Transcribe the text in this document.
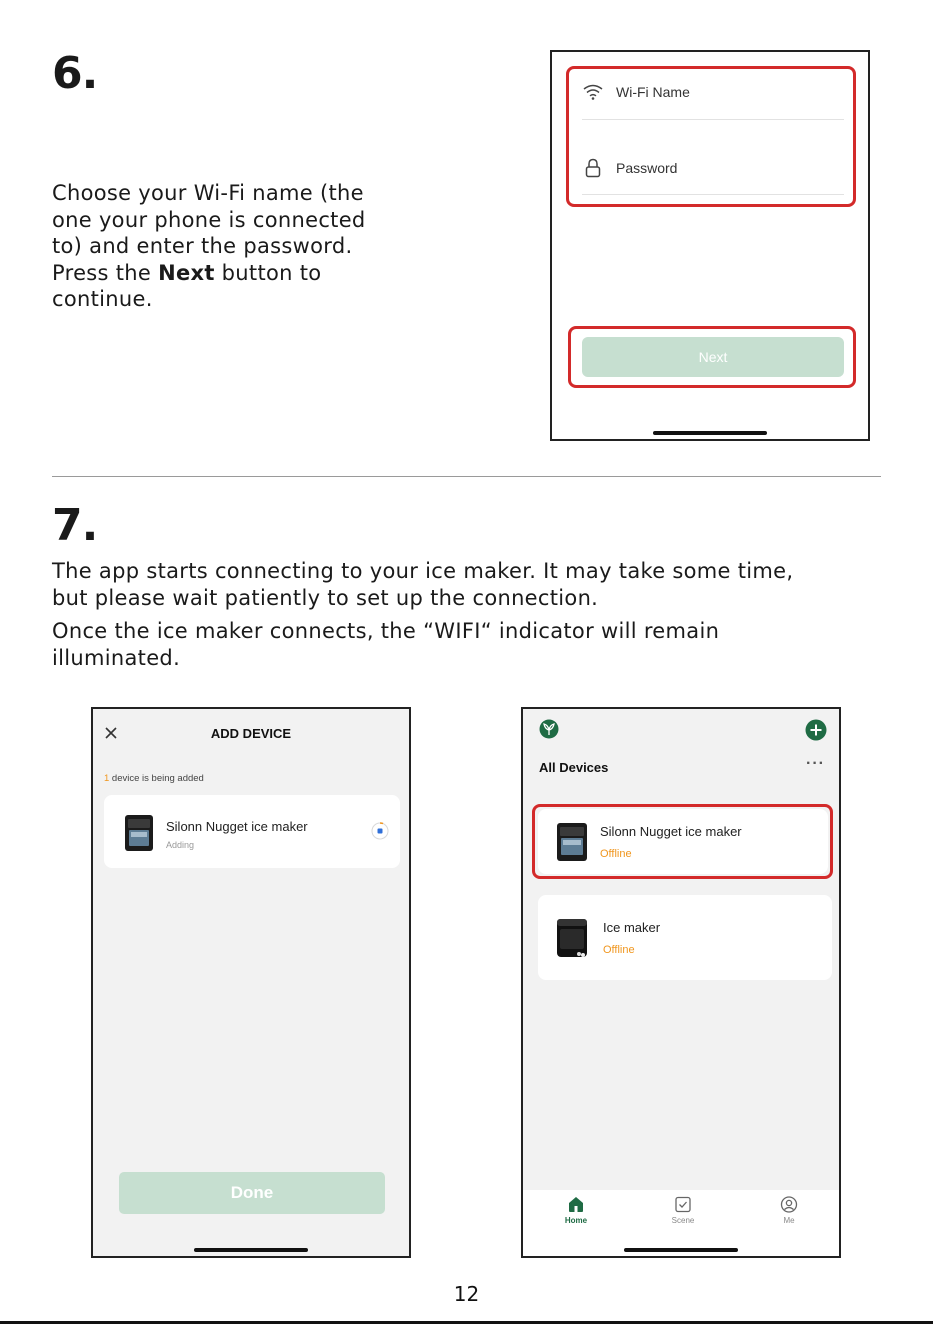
6.
Choose your Wi-Fi name (the
one your phone is connected
to) and enter the password.
Press the Next button to
continue.
Wi-Fi Name
Password
Next
7.
The app starts connecting to your ice maker. It may take some time,
but please wait patiently to set up the connection.
Once the ice maker connects, the “WIFI“ indicator will remain
illuminated.
ADD DEVICE
1 device is being added
Silonn Nugget ice maker
Adding
Done
All Devices	···
Silonn Nugget ice maker
Offline
Ice maker
Offline
Home	Scene	Me
12
